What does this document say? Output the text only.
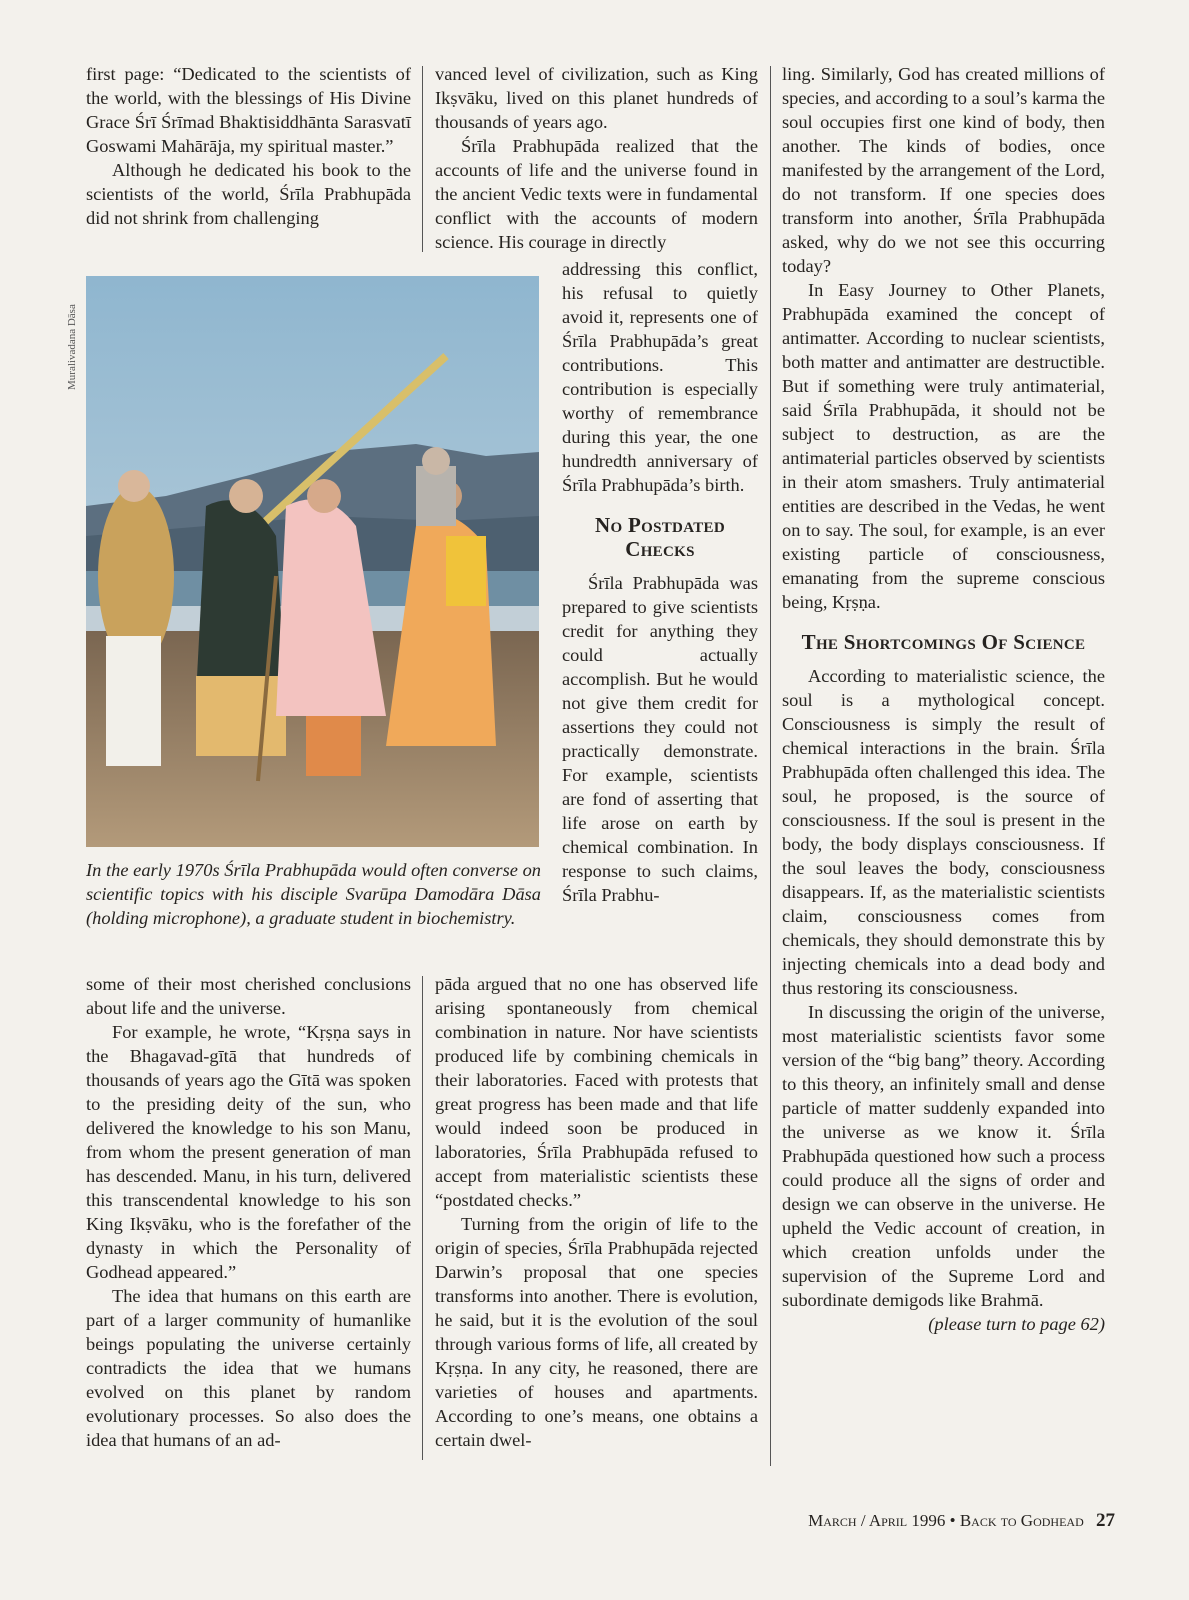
first page: “Dedicated to the scientists of the world, with the blessings of His Divine Grace Śrī Śrīmad Bhaktisiddhānta Sarasvatī Goswami Mahārāja, my spiritual master.”

Although he dedicated his book to the scientists of the world, Śrīla Prabhupāda did not shrink from challenging

Muralivadana Dāsa
In the early 1970s Śrīla Prabhupāda would often converse on scientific topics with his disciple Svarūpa Damodāra Dāsa (holding microphone), a graduate student in biochemistry.

some of their most cherished conclusions about life and the universe.

For example, he wrote, “Kṛṣṇa says in the Bhagavad-gītā that hundreds of thousands of years ago the Gītā was spoken to the presiding deity of the sun, who delivered the knowledge to his son Manu, from whom the present generation of man has descended. Manu, in his turn, delivered this transcendental knowledge to his son King Ikṣvāku, who is the forefather of the dynasty in which the Personality of Godhead appeared.”

The idea that humans on this earth are part of a larger community of humanlike beings populating the universe certainly contradicts the idea that we humans evolved on this planet by random evolutionary processes. So also does the idea that humans of an ad-

vanced level of civilization, such as King Ikṣvāku, lived on this planet hundreds of thousands of years ago.

Śrīla Prabhupāda realized that the accounts of life and the universe found in the ancient Vedic texts were in fundamental conflict with the accounts of modern science. His courage in directly

addressing this conflict, his refusal to quietly avoid it, represents one of Śrīla Prabhupāda’s great contributions. This contribution is especially worthy of remembrance during this year, the one hundredth anniversary of Śrīla Prabhupāda’s birth.

No Postdated Checks

Śrīla Prabhupāda was prepared to give scientists credit for anything they could actually accomplish. But he would not give them credit for assertions they could not practically demonstrate. For example, scientists are fond of asserting that life arose on earth by chemical combination. In response to such claims, Śrīla Prabhu-

pāda argued that no one has observed life arising spontaneously from chemical combination in nature. Nor have scientists produced life by combining chemicals in their laboratories. Faced with protests that great progress has been made and that life would indeed soon be produced in laboratories, Śrīla Prabhupāda refused to accept from materialistic scientists these “postdated checks.”

Turning from the origin of life to the origin of species, Śrīla Prabhupāda rejected Darwin’s proposal that one species transforms into another. There is evolution, he said, but it is the evolution of the soul through various forms of life, all created by Kṛṣṇa. In any city, he reasoned, there are varieties of houses and apartments. According to one’s means, one obtains a certain dwel-

ling. Similarly, God has created millions of species, and according to a soul’s karma the soul occupies first one kind of body, then another. The kinds of bodies, once manifested by the arrangement of the Lord, do not transform. If one species does transform into another, Śrīla Prabhupāda asked, why do we not see this occurring today?

In Easy Journey to Other Planets, Prabhupāda examined the concept of antimatter. According to nuclear scientists, both matter and antimatter are destructible. But if something were truly antimaterial, said Śrīla Prabhupāda, it should not be subject to destruction, as are the antimaterial particles observed by scientists in their atom smashers. Truly antimaterial entities are described in the Vedas, he went on to say. The soul, for example, is an ever existing particle of consciousness, emanating from the supreme conscious being, Kṛṣṇa.

The Shortcomings Of Science

According to materialistic science, the soul is a mythological concept. Consciousness is simply the result of chemical interactions in the brain. Śrīla Prabhupāda often challenged this idea. The soul, he proposed, is the source of consciousness. If the soul is present in the body, the body displays consciousness. If the soul leaves the body, consciousness disappears. If, as the materialistic scientists claim, consciousness comes from chemicals, they should demonstrate this by injecting chemicals into a dead body and thus restoring its consciousness.

In discussing the origin of the universe, most materialistic scientists favor some version of the “big bang” theory. According to this theory, an infinitely small and dense particle of matter suddenly expanded into the universe as we know it. Śrīla Prabhupāda questioned how such a process could produce all the signs of order and design we can observe in the universe. He upheld the Vedic account of creation, in which creation unfolds under the supervision of the Supreme Lord and subordinate demigods like Brahmā.

(please turn to page 62)
March / April 1996 • Back to Godhead 27
